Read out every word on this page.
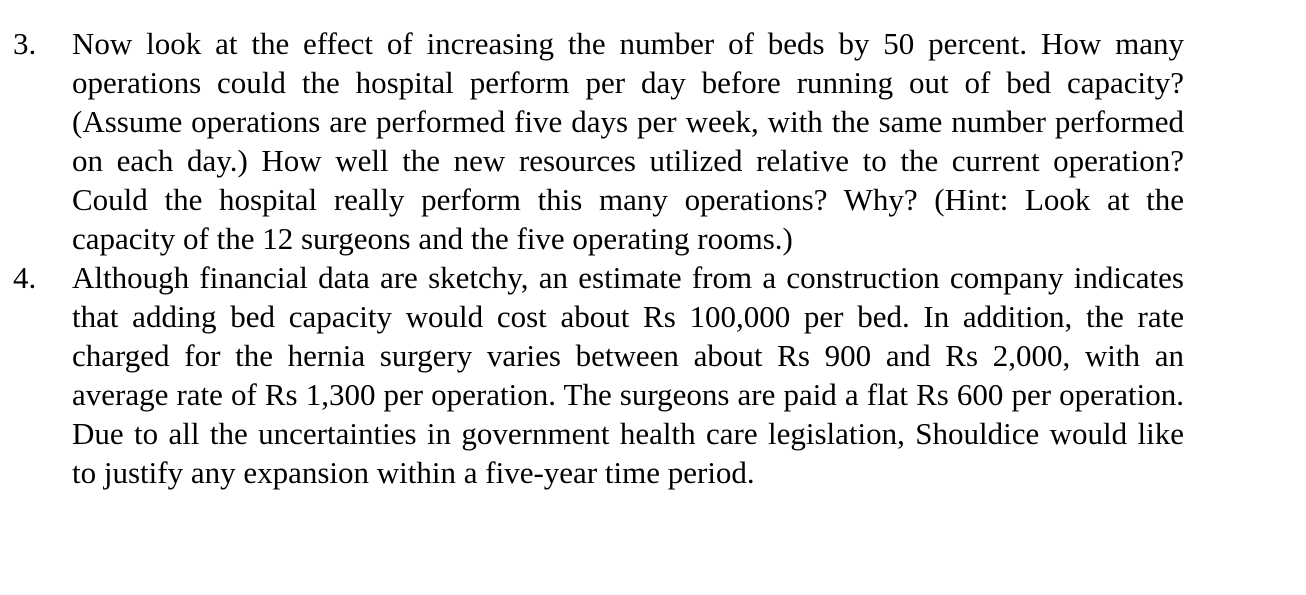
3.	Now look at the effect of increasing the number of beds by 50 percent. How many operations could the hospital perform per day before running out of bed capacity? (Assume operations are performed five days per week, with the same number performed on each day.) How well the new resources utilized relative to the current operation? Could the hospital really perform this many operations? Why? (Hint: Look at the capacity of the 12 surgeons and the five operating rooms.)
4.	Although financial data are sketchy, an estimate from a construction company indicates that adding bed capacity would cost about Rs 100,000 per bed. In addition, the rate charged for the hernia surgery varies between about Rs 900 and Rs 2,000, with an average rate of Rs 1,300 per operation. The surgeons are paid a flat Rs 600 per operation. Due to all the uncertainties in government health care legislation, Shouldice would like to justify any expansion within a five-year time period.
